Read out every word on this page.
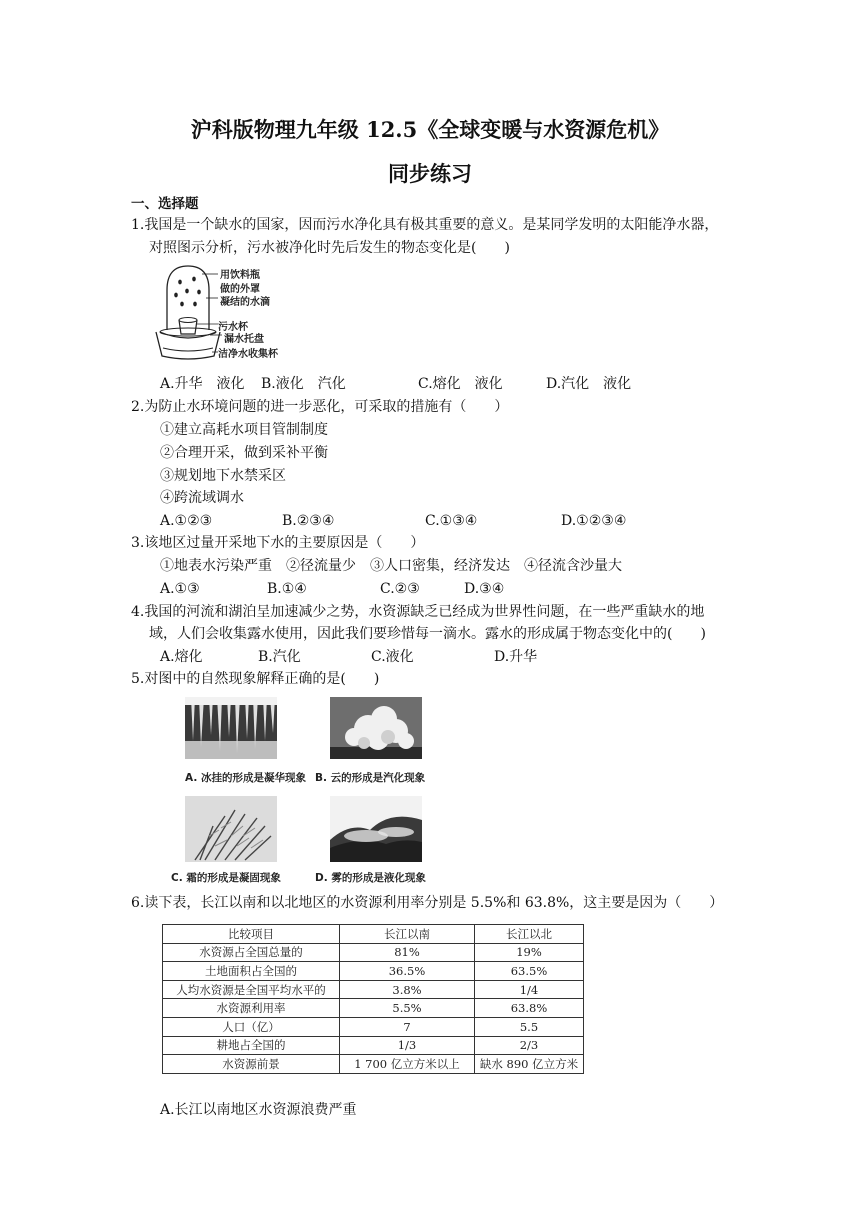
沪科版物理九年级 12.5《全球变暖与水资源危机》
同步练习
一、选择题
1.我国是一个缺水的国家，因而污水净化具有极其重要的意义。是某同学发明的太阳能净水器，
对照图示分析，污水被净化时先后发生的物态变化是(　　)
用饮料瓶
做的外罩
凝结的水滴
污水杯
漏水托盘
洁净水收集杯
A.升华　液化 B.液化　汽化	C.熔化　液化	D.汽化　液化
2.为防止水环境问题的进一步恶化，可采取的措施有（　　）
①建立高耗水项目管制制度
②合理开采，做到采补平衡
③规划地下水禁采区
④跨流域调水
A.①②③	B.②③④	C.①③④	D.①②③④
3.该地区过量开采地下水的主要原因是（　　）
①地表水污染严重　②径流量少　③人口密集，经济发达　④径流含沙量大
A.①③	B.①④	C.②③	D.③④
4.我国的河流和湖泊呈加速减少之势，水资源缺乏已经成为世界性问题，在一些严重缺水的地
域，人们会收集露水使用，因此我们要珍惜每一滴水。露水的形成属于物态变化中的(　　)
A.熔化	B.汽化	C.液化	D.升华
5.对图中的自然现象解释正确的是(　　)
A. 冰挂的形成是凝华现象 B. 云的形成是汽化现象
C. 霜的形成是凝固现象	D. 雾的形成是液化现象
6.读下表，长江以南和以北地区的水资源利用率分别是 5.5%和 63.8%，这主要是因为（　　）
比较项目	长江以南	长江以北
水资源占全国总量的	81%	19%
土地面积占全国的	36.5%	63.5%
人均水资源是全国平均水平的	3.8%	1/4
水资源利用率	5.5%	63.8%
人口（亿）	7	5.5
耕地占全国的	1/3	2/3
水资源前景	1 700 亿立方米以上	缺水 890 亿立方米
A.长江以南地区水资源浪费严重
